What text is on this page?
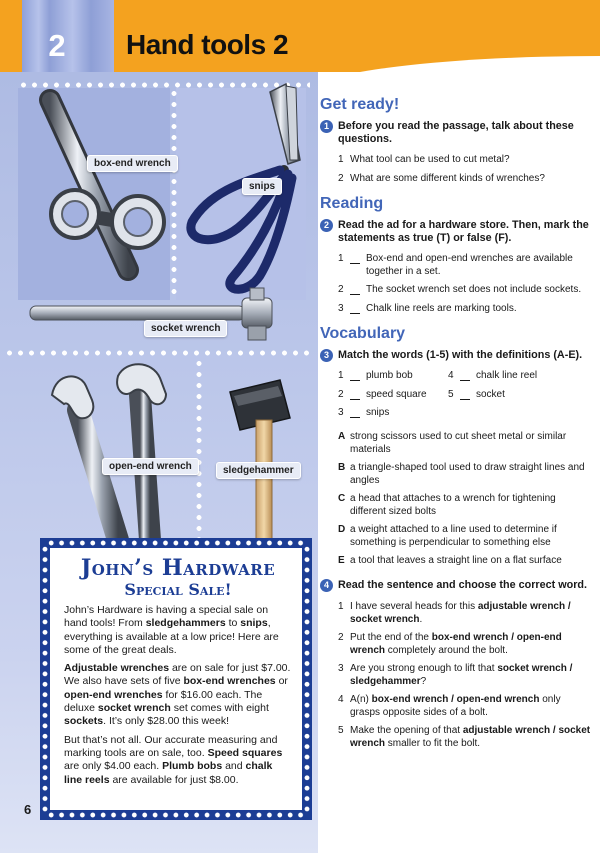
2	Hand tools 2
box-end wrench
snips
socket wrench
open-end wrench	sledgehammer
John’s Hardware
Special Sale!

John’s Hardware is having a special sale on hand tools! From sledgehammers to snips, everything is available at a low price! Here are some of the great deals.

Adjustable wrenches are on sale for just $7.00. We also have sets of five box-end wrenches or open-end wrenches for $16.00 each. The deluxe socket wrench set comes with eight sockets. It’s only $28.00 this week!

But that’s not all. Our accurate measuring and marking tools are on sale, too. Speed squares are only $4.00 each. Plumb bobs and chalk line reels are available for just $8.00.

6
Get ready!
1 Before you read the passage, talk about these questions.
1 What tool can be used to cut metal?
2 What are some different kinds of wrenches?
Reading
2 Read the ad for a hardware store. Then, mark the statements as true (T) or false (F).
1 Box-end and open-end wrenches are available together in a set.
2 The socket wrench set does not include sockets.
3 Chalk line reels are marking tools.
Vocabulary
3 Match the words (1-5) with the definitions (A-E).
1 plumb bob	4 chalk line reel
2 speed square	5 socket
3 snips
A strong scissors used to cut sheet metal or similar materials
B a triangle-shaped tool used to draw straight lines and angles
C a head that attaches to a wrench for tightening different sized bolts
D a weight attached to a line used to determine if something is perpendicular to something else
E a tool that leaves a straight line on a flat surface
4 Read the sentence and choose the correct word.
1 I have several heads for this adjustable wrench / socket wrench.
2 Put the end of the box-end wrench / open-end wrench completely around the bolt.
3 Are you strong enough to lift that socket wrench / sledgehammer?
4 A(n) box-end wrench / open-end wrench only grasps opposite sides of a bolt.
5 Make the opening of that adjustable wrench / socket wrench smaller to fit the bolt.
